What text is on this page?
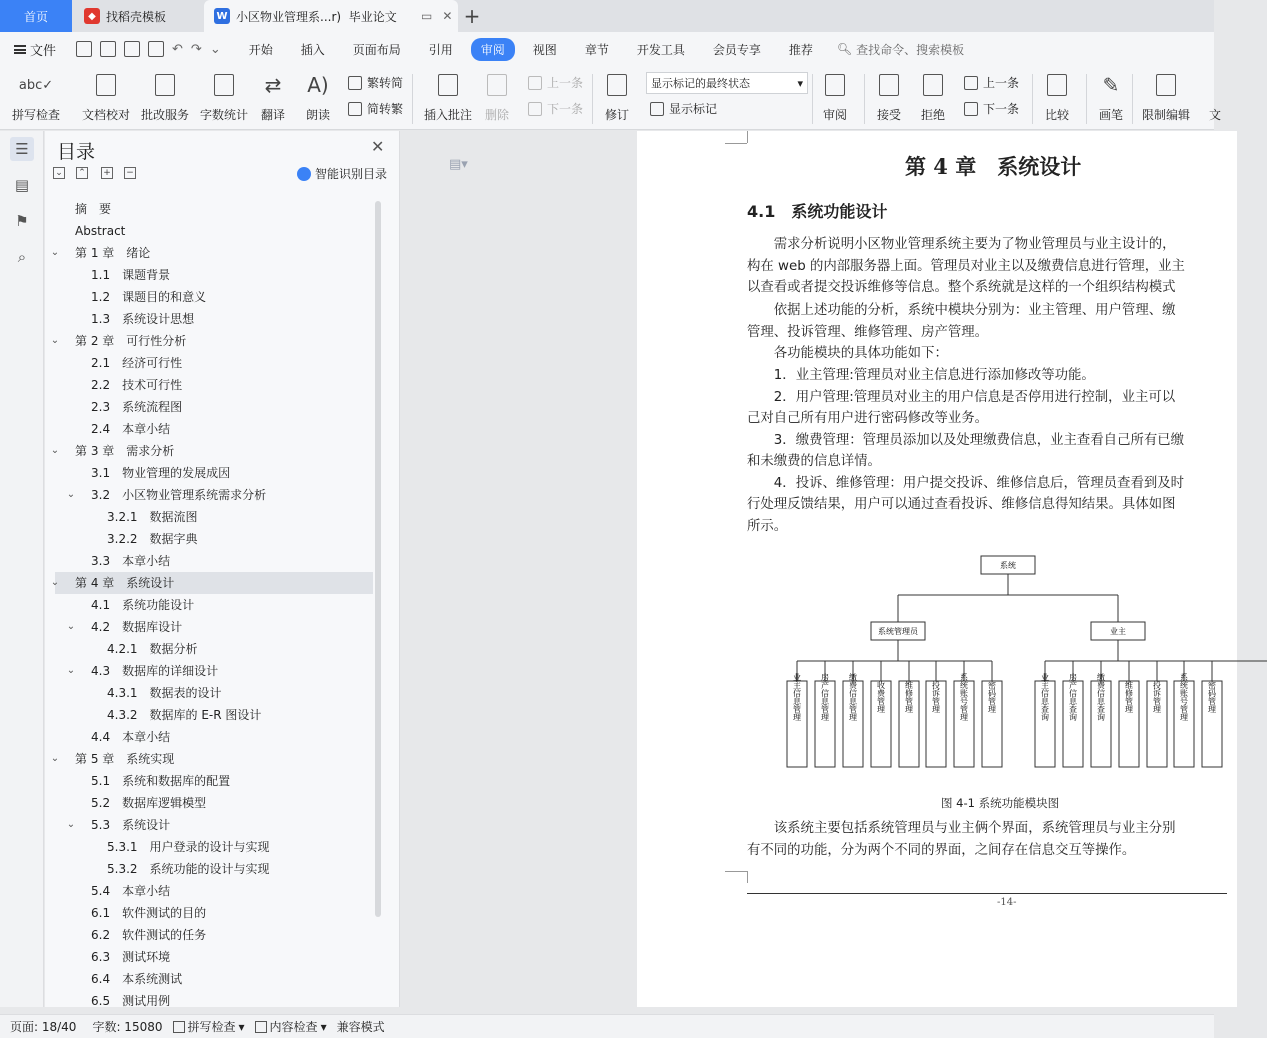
首页	◆ 找稻壳模板	W 小区物业管理系...r) 毕业论文	▭ ✕ +
文件	↶ ↷ ⌄	开始	插入	页面布局	引用	审阅	视图	章节	开发工具	会员专享	推荐	🔍︎ 查找命令、搜索模板
abc✓
拼写检查 文档校对 批改服务 字数统计
⇄
翻译
A)
朗读
繁转简
简转繁 插入批注 删除
上一条
下一条 修订
显示标记的最终状态	▾
显示标记	审阅 接受 拒绝
上一条
下一条 比较
✎
画笔 限制编辑 文
☰
▤
⚑
⌕
目录	✕
⌄ ⌃ + −	智能识别目录
摘　要
Abstract
⌄ 第 1 章　绪论
1.1　课题背景
1.2　课题目的和意义
1.3　系统设计思想
⌄ 第 2 章　可行性分析
2.1　经济可行性
2.2　技术可行性
2.3　系统流程图
2.4　本章小结
⌄ 第 3 章　需求分析
3.1　物业管理的发展成因
⌄ 3.2　小区物业管理系统需求分析
3.2.1　数据流图
3.2.2　数据字典
3.3　本章小结
⌄ 第 4 章　系统设计
4.1　系统功能设计
⌄ 4.2　数据库设计
4.2.1　数据分析
⌄ 4.3　数据库的详细设计
4.3.1　数据表的设计
4.3.2　数据库的 E-R 图设计
4.4　本章小结
⌄ 第 5 章　系统实现
5.1　系统和数据库的配置
5.2　数据库逻辑模型
⌄ 5.3　系统设计
5.3.1　用户登录的设计与实现
5.3.2　系统功能的设计与实现
5.4　本章小结
6.1　软件测试的目的
6.2　软件测试的任务
6.3　测试环境
6.4　本系统测试
6.5　测试用例
▤▾	第 4 章　系统设计
4.1　系统功能设计
　　需求分析说明小区物业管理系统主要为了物业管理员与业主设计的，
构在 web 的内部服务器上面。管理员对业主以及缴费信息进行管理，业主
以查看或者提交投诉维修等信息。整个系统就是这样的一个组织结构模式
　　依据上述功能的分析，系统中模块分别为：业主管理、用户管理、缴
管理、投诉管理、维修管理、房产管理。
　　各功能模块的具体功能如下：
　　1．业主管理:管理员对业主信息进行添加修改等功能。
　　2．用户管理:管理员对业主的用户信息是否停用进行控制，业主可以
己对自己所有用户进行密码修改等业务。
　　3．缴费管理：管理员添加以及处理缴费信息，业主查看自己所有已缴
和未缴费的信息详情。
　　4．投诉、维修管理：用户提交投诉、维修信息后，管理员查看到及时
行处理反馈结果，用户可以通过查看投诉、维修信息得知结果。具体如图
所示。
系统
系统管理员	业主
业主信息管理 房产信息管理 缴费信息管理 收费管理 维修管理 投诉管理 系统账号管理 密码管理	业主信息查询 房产信息查询 缴费信息查询 维修管理 投诉管理 系统账号管理 密码管理
图 4-1 系统功能模块图
　　该系统主要包括系统管理员与业主俩个界面，系统管理员与业主分别
有不同的功能，分为两个不同的界面，之间存在信息交互等操作。
-14-
页面: 18/40 字数: 15080 拼写检查 ▾ 内容检查 ▾ 兼容模式
